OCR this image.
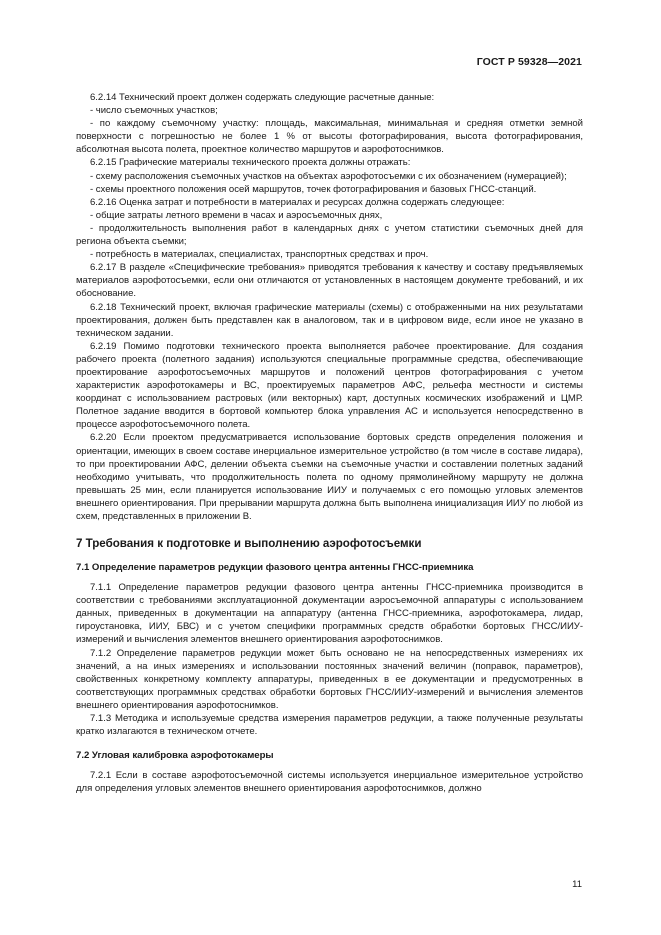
ГОСТ Р 59328—2021

6.2.14 Технический проект должен содержать следующие расчетные данные:

- число съемочных участков;

- по каждому съемочному участку: площадь, максимальная, минимальная и средняя отметки земной поверхности с погрешностью не более 1 % от высоты фотографирования, высота фотографирования, абсолютная высота полета, проектное количество маршрутов и аэрофотоснимков.

6.2.15 Графические материалы технического проекта должны отражать:

- схему расположения съемочных участков на объектах аэрофотосъемки с их обозначением (нумерацией);

- схемы проектного положения осей маршрутов, точек фотографирования и базовых ГНСС-станций.

6.2.16 Оценка затрат и потребности в материалах и ресурсах должна содержать следующее:

- общие затраты летного времени в часах и аэросъемочных днях,

- продолжительность выполнения работ в календарных днях с учетом статистики съемочных дней для региона объекта съемки;

- потребность в материалах, специалистах, транспортных средствах и проч.

6.2.17 В разделе «Специфические требования» приводятся требования к качеству и составу предъявляемых материалов аэрофотосъемки, если они отличаются от установленных в настоящем документе требований, и их обоснование.

6.2.18 Технический проект, включая графические материалы (схемы) с отображенными на них результатами проектирования, должен быть представлен как в аналоговом, так и в цифровом виде, если иное не указано в техническом задании.

6.2.19 Помимо подготовки технического проекта выполняется рабочее проектирование. Для создания рабочего проекта (полетного задания) используются специальные программные средства, обеспечивающие проектирование аэрофотосъемочных маршрутов и положений центров фотографирования с учетом характеристик аэрофотокамеры и ВС, проектируемых параметров АФС, рельефа местности и системы координат с использованием растровых (или векторных) карт, доступных космических изображений и ЦМР. Полетное задание вводится в бортовой компьютер блока управления АС и используется непосредственно в процессе аэрофотосъемочного полета.

6.2.20 Если проектом предусматривается использование бортовых средств определения положения и ориентации, имеющих в своем составе инерциальное измерительное устройство (в том числе в составе лидара), то при проектировании АФС, делении объекта съемки на съемочные участки и составлении полетных заданий необходимо учитывать, что продолжительность полета по одному прямолинейному маршруту не должна превышать 25 мин, если планируется использование ИИУ и получаемых с его помощью угловых элементов внешнего ориентирования. При прерывании маршрута должна быть выполнена инициализация ИИУ по любой из схем, представленных в приложении В.

7 Требования к подготовке и выполнению аэрофотосъемки
7.1 Определение параметров редукции фазового центра антенны ГНСС-приемника

7.1.1 Определение параметров редукции фазового центра антенны ГНСС-приемника производится в соответствии с требованиями эксплуатационной документации аэросъемочной аппаратуры с использованием данных, приведенных в документации на аппаратуру (антенна ГНСС-приемника, аэрофотокамера, лидар, гироустановка, ИИУ, БВС) и с учетом специфики программных средств обработки бортовых ГНСС/ИИУ-измерений и вычисления элементов внешнего ориентирования аэрофотоснимков.

7.1.2 Определение параметров редукции может быть основано не на непосредственных измерениях их значений, а на иных измерениях и использовании постоянных значений величин (поправок, параметров), свойственных конкретному комплекту аппаратуры, приведенных в ее документации и предусмотренных в соответствующих программных средствах обработки бортовых ГНСС/ИИУ-измерений и вычисления элементов внешнего ориентирования аэрофотоснимков.

7.1.3 Методика и используемые средства измерения параметров редукции, а также полученные результаты кратко излагаются в техническом отчете.

7.2 Угловая калибровка аэрофотокамеры

7.2.1 Если в составе аэрофотосъемочной системы используется инерциальное измерительное устройство для определения угловых элементов внешнего ориентирования аэрофотоснимков, должно

11
